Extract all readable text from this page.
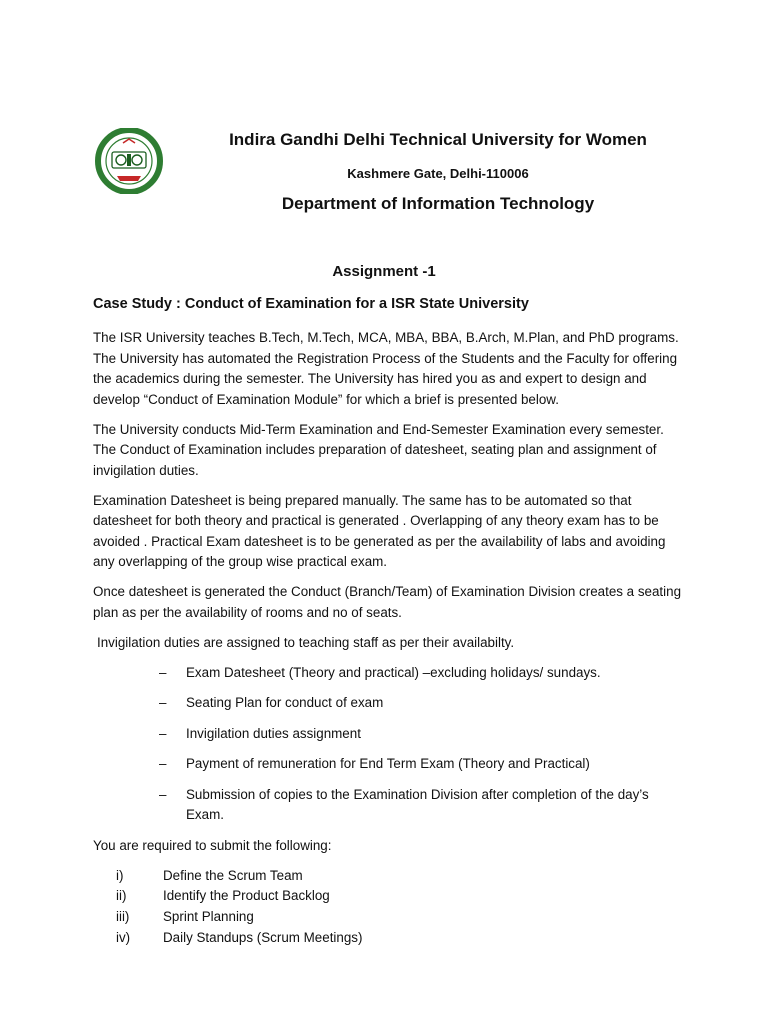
Indira Gandhi Delhi Technical University for Women
Kashmere Gate, Delhi-110006
Department of Information Technology
Assignment -1
Case Study : Conduct of Examination for a ISR State University

The ISR University teaches B.Tech, M.Tech, MCA, MBA, BBA, B.Arch, M.Plan, and PhD programs. The University has automated the Registration Process of the Students and the Faculty for offering the academics during the semester. The University has hired you as and expert to design and develop “Conduct of Examination Module” for which a brief is presented below.

The University conducts Mid-Term Examination and End-Semester Examination every semester. The Conduct of Examination includes preparation of datesheet, seating plan and assignment of invigilation duties.

Examination Datesheet is being prepared manually. The same has to be automated so that datesheet for both theory and practical is generated . Overlapping of any theory exam has to be avoided . Practical Exam datesheet is to be generated as per the availability of labs and avoiding any overlapping of the group wise practical exam.

Once datesheet is generated the Conduct (Branch/Team) of Examination Division creates a seating plan as per the availability of rooms and no of seats.

Invigilation duties are assigned to teaching staff as per their availabilty.

– Exam Datesheet (Theory and practical) –excluding holidays/ sundays.
– Seating Plan for conduct of exam
– Invigilation duties assignment
– Payment of remuneration for End Term Exam (Theory and Practical)
– Submission of copies to the Examination Division after completion of the day’s Exam.

You are required to submit the following:

i)	Define the Scrum Team
ii)	Identify the Product Backlog
iii)	Sprint Planning
iv) Daily Standups (Scrum Meetings)
